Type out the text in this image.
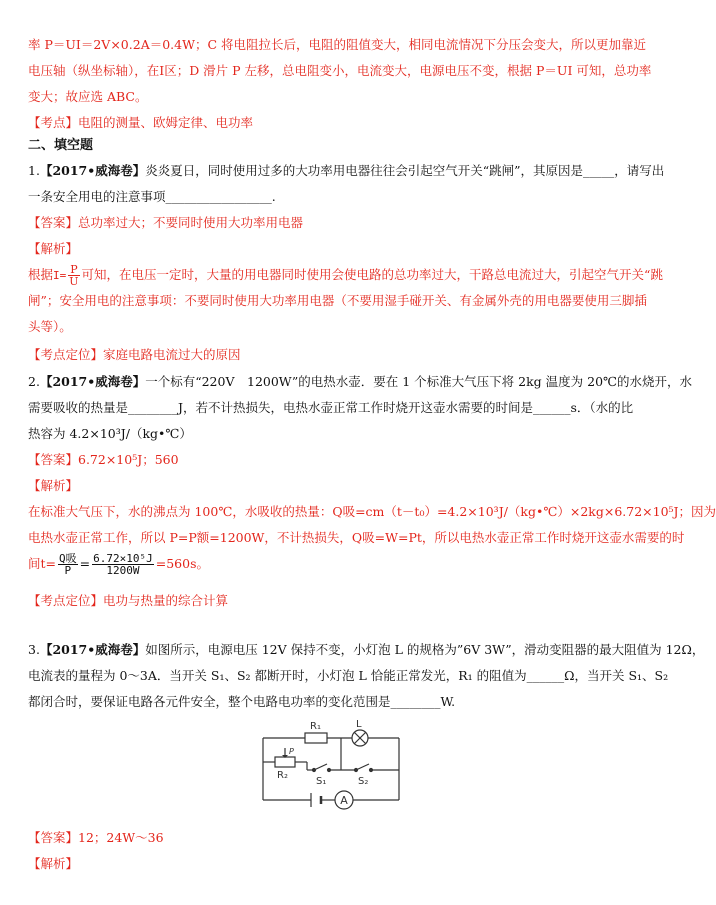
率 P＝UI＝2V×0.2A＝0.4W；C 将电阻拉长后，电阻的阻值变大，相同电流情况下分压会变大，所以更加靠近
电压轴（纵坐标轴），在Ⅰ区；D 滑片 P 左移，总电阻变小，电流变大，电源电压不变，根据 P＝UI 可知，总功率
变大；故应选 ABC。
【考点】电阻的测量、欧姆定律、电功率
二、填空题
1.【2017•威海卷】炎炎夏日，同时使用过多的大功率用电器往往会引起空气开关“跳闸”，其原因是_____，请写出
一条安全用电的注意事项_________________.
【答案】总功率过大；不要同时使用大功率用电器
【解析】
根据$I= \frac{P}{U}$ 可知，在电压一定时，大量的用电器同时使用会使电路的总功率过大，干路总电流过大，引起空气开关“跳
闸”；安全用电的注意事项：不要同时使用大功率用电器（不要用湿手碰开关、有金属外壳的用电器要使用三脚插
头等）。
【考点定位】家庭电路电流过大的原因
2.【2017•威海卷】一个标有“220V　1200W”的电热水壶．要在 1 个标准大气压下将 2kg 温度为 20℃的水烧开，水
需要吸收的热量是________J，若不计热损失，电热水壶正常工作时烧开这壶水需要的时间是______s．（水的比
热容为 4.2×10³J/（kg•℃）
【答案】6.72×10⁵J；560
【解析】
在标准大气压下，水的沸点为 100℃，水吸收的热量：Q吸=cm（t－t₀）=4.2×10³J/（kg•℃）×2kg×6.72×10⁵J；因为
电热水壶正常工作，所以 P=P额=1200W，不计热损失，Q吸=W=Pt，所以电热水壶正常工作时烧开这壶水需要的时
间$t= \frac{\text{Q吸}}{P} = \frac{\text{6.72×10⁵J}}{1200W} =560s$。
【考点定位】电功与热量的综合计算
3.【2017•威海卷】如图所示，电源电压 12V 保持不变，小灯泡 L 的规格为”6V 3W”，滑动变阻器的最大阻值为 12Ω，
电流表的量程为 0～3A．当开关 S₁、S₂ 都断开时，小灯泡 L 恰能正常发光，R₁ 的阻值为______Ω，当开关 S₁、S₂
都闭合时，要保证电路各元件安全，整个电路电功率的变化范围是________W.
A
R₁	L
P
R₂
S₁	S₂
【答案】12；24W～36
【解析】
